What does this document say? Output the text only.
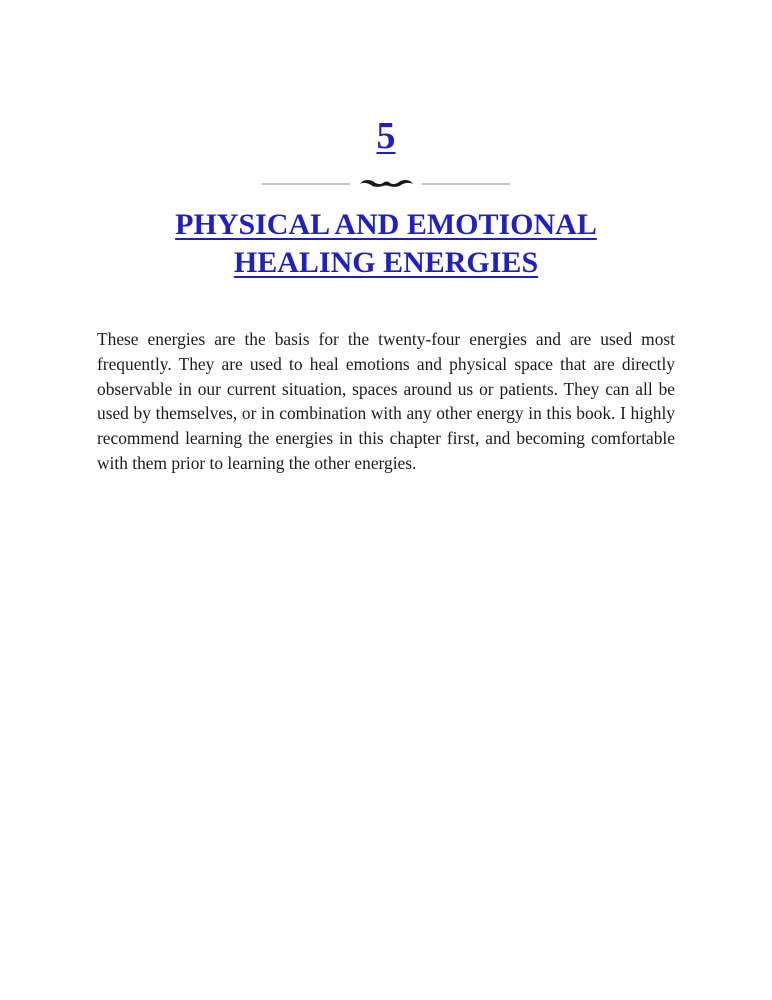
5
PHYSICAL AND EMOTIONAL
HEALING ENERGIES

These energies are the basis for the twenty-four energies and are used most frequently. They are used to heal emotions and physical space that are directly observable in our current situation, spaces around us or patients. They can all be used by themselves, or in combination with any other energy in this book. I highly recommend learning the energies in this chapter first, and becoming comfortable with them prior to learning the other energies.
